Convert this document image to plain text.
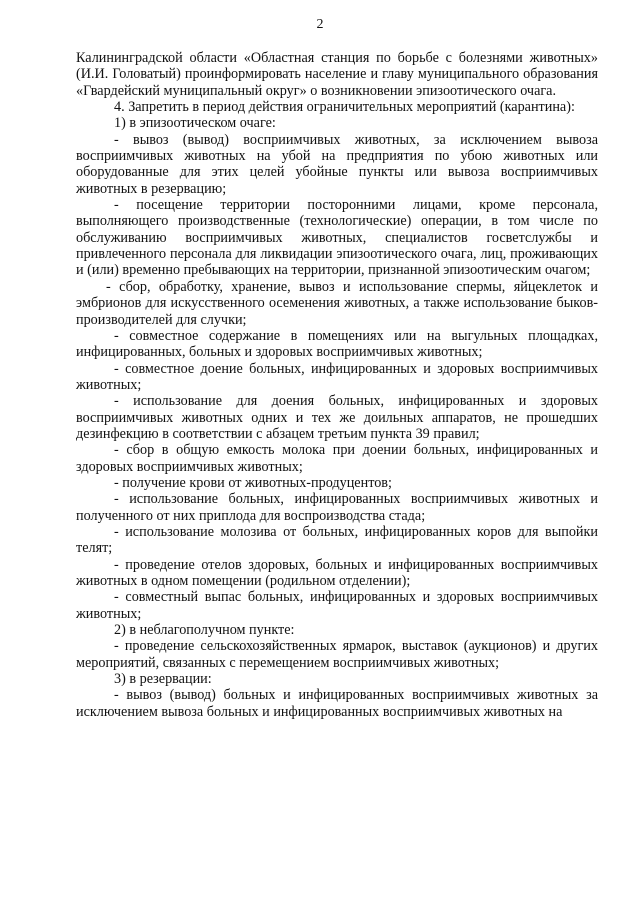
2

Калининградской области «Областная станция по борьбе с болезнями животных» (И.И. Головатый) проинформировать население и главу муниципального образования «Гвардейский муниципальный округ» о возникновении эпизоотического очага.

4. Запретить в период действия ограничительных мероприятий (карантина):

1) в эпизоотическом очаге:

- вывоз (вывод) восприимчивых животных, за исключением вывоза восприимчивых животных на убой на предприятия по убою животных или оборудованные для этих целей убойные пункты или вывоза восприимчивых животных в резервацию;

- посещение территории посторонними лицами, кроме персонала, выполняющего производственные (технологические) операции, в том числе по обслуживанию восприимчивых животных, специалистов госветслужбы и привлеченного персонала для ликвидации эпизоотического очага, лиц, проживающих и (или) временно пребывающих на территории, признанной эпизоотическим очагом;

- сбор, обработку, хранение, вывоз и использование спермы, яйцеклеток и эмбрионов для искусственного осеменения животных, а также использование быков-производителей для случки;

- совместное содержание в помещениях или на выгульных площадках, инфицированных, больных и здоровых восприимчивых животных;

- совместное доение больных, инфицированных и здоровых восприимчивых животных;

- использование для доения больных, инфицированных и здоровых восприимчивых животных одних и тех же доильных аппаратов, не прошедших дезинфекцию в соответствии с абзацем третьим пункта 39 правил;

- сбор в общую емкость молока при доении больных, инфицированных и здоровых восприимчивых животных;

- получение крови от животных-продуцентов;

- использование больных, инфицированных восприимчивых животных и полученного от них приплода для воспроизводства стада;

- использование молозива от больных, инфицированных коров для выпойки телят;

- проведение отелов здоровых, больных и инфицированных восприимчивых животных в одном помещении (родильном отделении);

- совместный выпас больных, инфицированных и здоровых восприимчивых животных;

2) в неблагополучном пункте:

- проведение сельскохозяйственных ярмарок, выставок (аукционов) и других мероприятий, связанных с перемещением восприимчивых животных;

3) в резервации:

- вывоз (вывод) больных и инфицированных восприимчивых животных за исключением вывоза больных и инфицированных восприимчивых животных на
